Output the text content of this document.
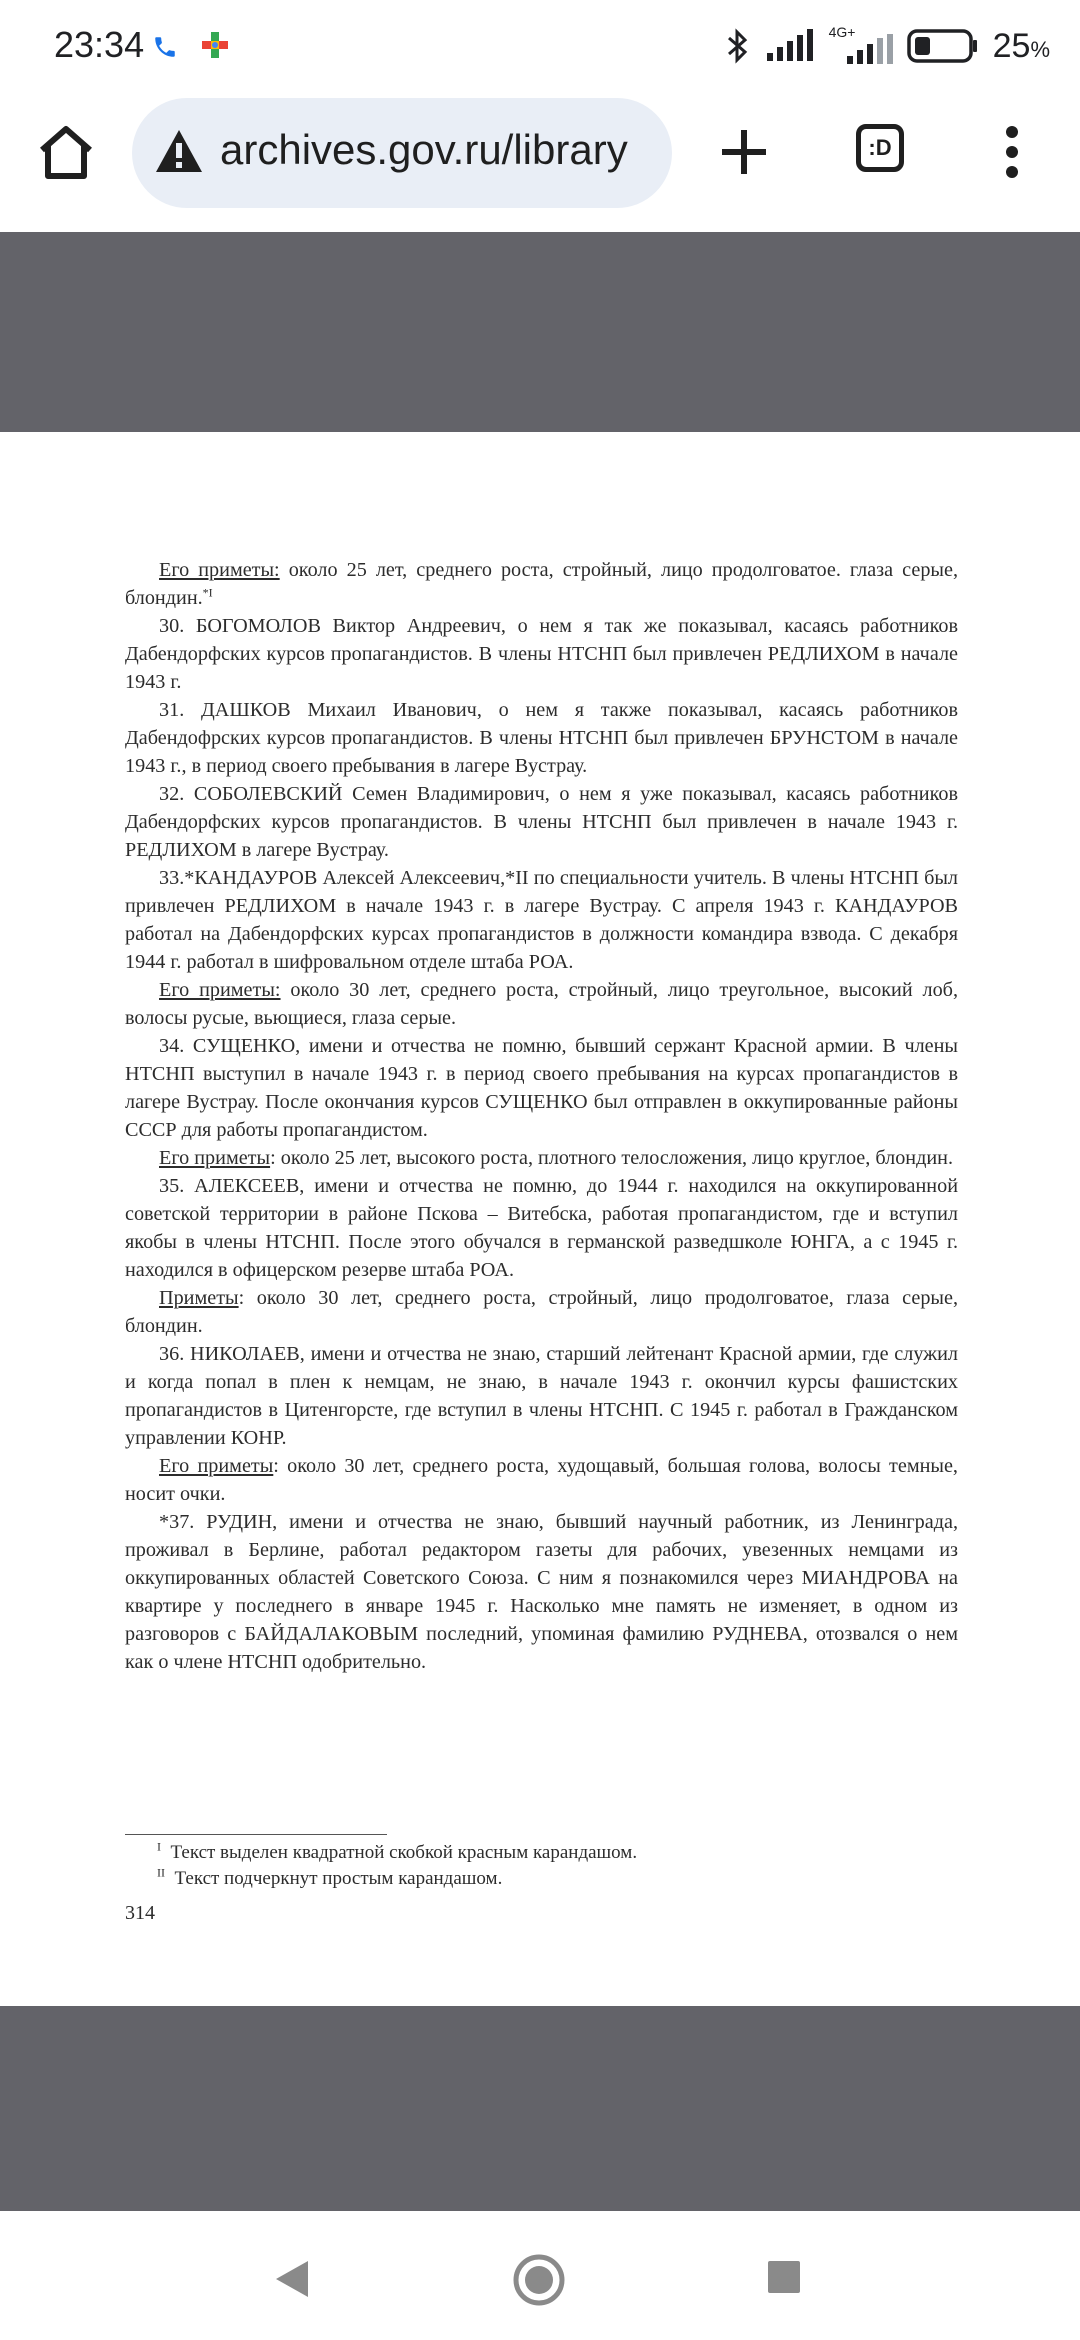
23:34	4G+	25%
archives.gov.ru/library	:D

Его приметы: около 25 лет, среднего роста, стройный, лицо продолговатое. глаза серые, блондин.$^{*I}$

30. БОГОМОЛОВ Виктор Андреевич, о нем я так же показывал, касаясь работников Дабендорфских курсов пропагандистов. В члены НТСНП был привлечен РЕДЛИХОМ в начале 1943 г.

31. ДАШКОВ Михаил Иванович, о нем я также показывал, касаясь работников Дабендофрских курсов пропагандистов. В члены НТСНП был привлечен БРУНСТОМ в начале 1943 г., в период своего пребывания в лагере Вустрау.

32. СОБОЛЕВСКИЙ Семен Владимирович, о нем я уже показывал, касаясь работников Дабендорфских курсов пропагандистов. В члены НТСНП был привлечен в начале 1943 г. РЕДЛИХОМ в лагере Вустрау.

33.*КАНДАУРОВ Алексей Алексеевич,*II по специальности учитель. В члены НТСНП был привлечен РЕДЛИХОМ в начале 1943 г. в лагере Вустрау. С апреля 1943 г. КАНДАУРОВ работал на Дабендорфских курсах пропагандистов в должности командира взвода. С декабря 1944 г. работал в шифровальном отделе штаба РОА.

Его приметы: около 30 лет, среднего роста, стройный, лицо треугольное, высокий лоб, волосы русые, вьющиеся, глаза серые.

34. СУЩЕНКО, имени и отчества не помню, бывший сержант Красной армии. В члены НТСНП выступил в начале 1943 г. в период своего пребывания на курсах пропагандистов в лагере Вустрау. После окончания курсов СУЩЕНКО был отправлен в оккупированные районы СССР для работы пропагандистом.

Его приметы: около 25 лет, высокого роста, плотного телосложения, лицо круглое, блондин.

35. АЛЕКСЕЕВ, имени и отчества не помню, до 1944 г. находился на оккупированной советской территории в районе Пскова – Витебска, работая пропагандистом, где и вступил якобы в члены НТСНП. После этого обучался в германской разведшколе ЮНГА, а с 1945 г. находился в офицерском резерве штаба РОА.

Приметы: около 30 лет, среднего роста, стройный, лицо продолговатое, глаза серые, блондин.

36. НИКОЛАЕВ, имени и отчества не знаю, старший лейтенант Красной армии, где служил и когда попал в плен к немцам, не знаю, в начале 1943 г. окончил курсы фашистских пропагандистов в Цитенгорсте, где вступил в члены НТСНП. С 1945 г. работал в Гражданском управлении КОНР.

Его приметы: около 30 лет, среднего роста, худощавый, большая голова, волосы темные, носит очки.

*37. РУДИН, имени и отчества не знаю, бывший научный работник, из Ленинграда, проживал в Берлине, работал редактором газеты для рабочих, увезенных немцами из оккупированных областей Советского Союза. С ним я познакомился через МИАНДРОВА на квартире у последнего в январе 1945 г. Насколько мне память не изменяет, в одном из разговоров с БАЙДАЛАКОВЫМ последний, упоминая фамилию РУДНЕВА, отозвался о нем как о члене НТСНП одобрительно.

$^I$ Текст выделен квадратной скобкой красным карандашом.
$^{II}$ Текст подчеркнут простым карандашом.
314
